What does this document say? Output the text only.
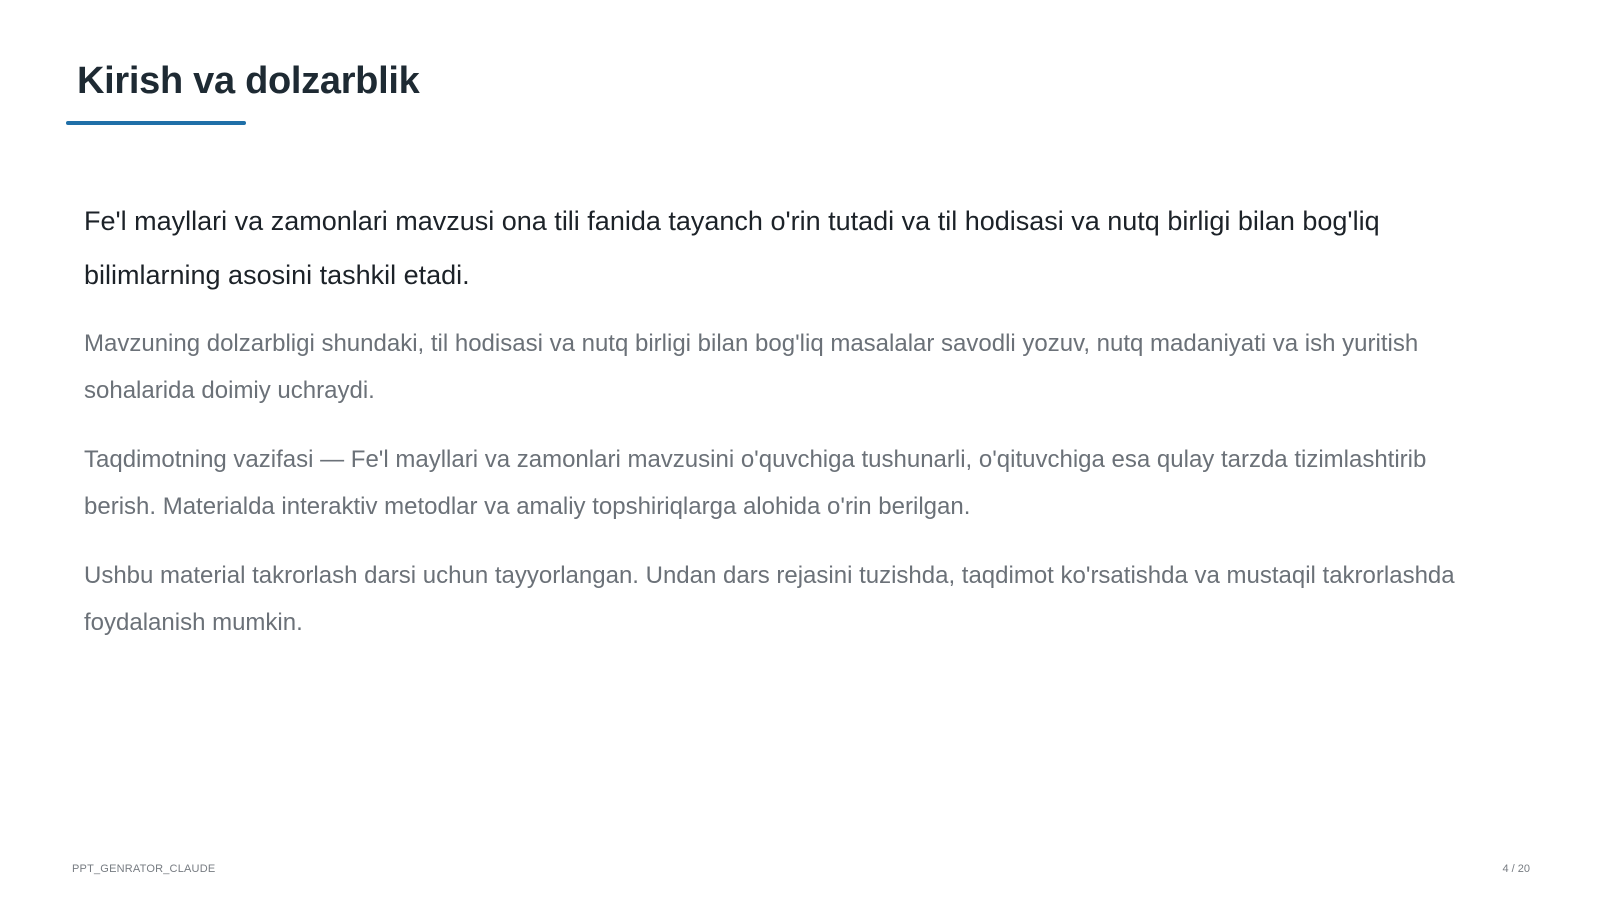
Kirish va dolzarblik

Fe'l mayllari va zamonlari mavzusi ona tili fanida tayanch o'rin tutadi va til hodisasi va nutq birligi bilan bog'liq bilimlarning asosini tashkil etadi.

Mavzuning dolzarbligi shundaki, til hodisasi va nutq birligi bilan bog'liq masalalar savodli yozuv, nutq madaniyati va ish yuritish sohalarida doimiy uchraydi.

Taqdimotning vazifasi — Fe'l mayllari va zamonlari mavzusini o'quvchiga tushunarli, o'qituvchiga esa qulay tarzda tizimlashtirib berish. Materialda interaktiv metodlar va amaliy topshiriqlarga alohida o'rin berilgan.

Ushbu material takrorlash darsi uchun tayyorlangan. Undan dars rejasini tuzishda, taqdimot ko'rsatishda va mustaqil takrorlashda foydalanish mumkin.

PPT_GENRATOR_CLAUDE	4 / 20
